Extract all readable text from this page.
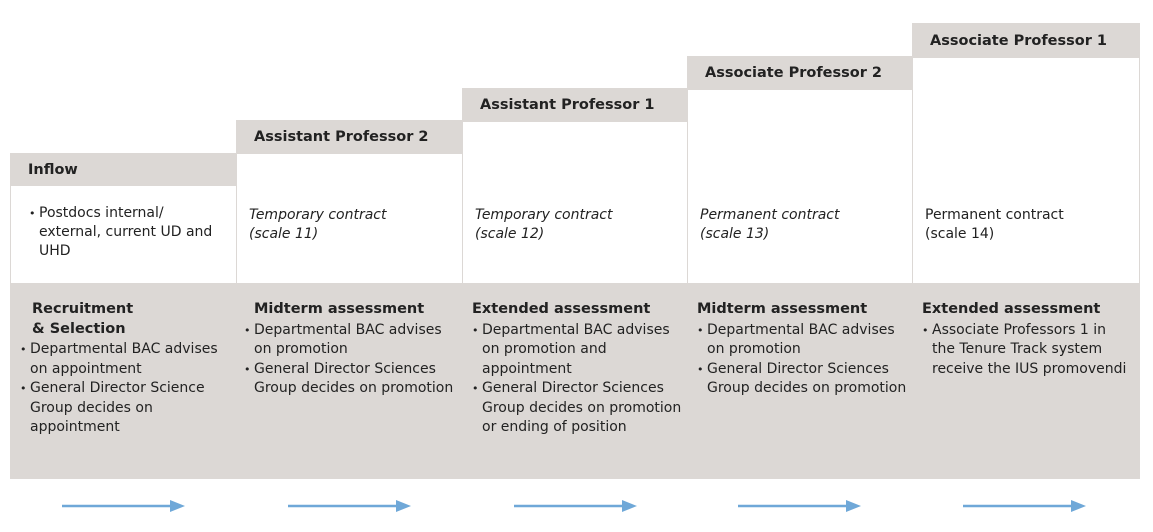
Inflow
• Postdocs internal/ external, current UD and UHD
Assistant Professor 2
Temporary contract
(scale 11)
Assistant Professor 1
Temporary contract
(scale 12)
Associate Professor 2
Permanent contract
(scale 13)
Associate Professor 1
Permanent contract
(scale 14)
Recruitment & Selection
• Departmental BAC advises on appointment
• General Director Science Group decides on appointment
Midterm assessment
• Departmental BAC advises on promotion
• General Director Sciences Group decides on promotion
Extended assessment
• Departmental BAC advises on promotion and appointment
• General Director Sciences Group decides on promotion or ending of position
Midterm assessment
• Departmental BAC advises on promotion
• General Director Sciences Group decides on promotion
Extended assessment
• Associate Professors 1 in the Tenure Track system receive the IUS promovendi
